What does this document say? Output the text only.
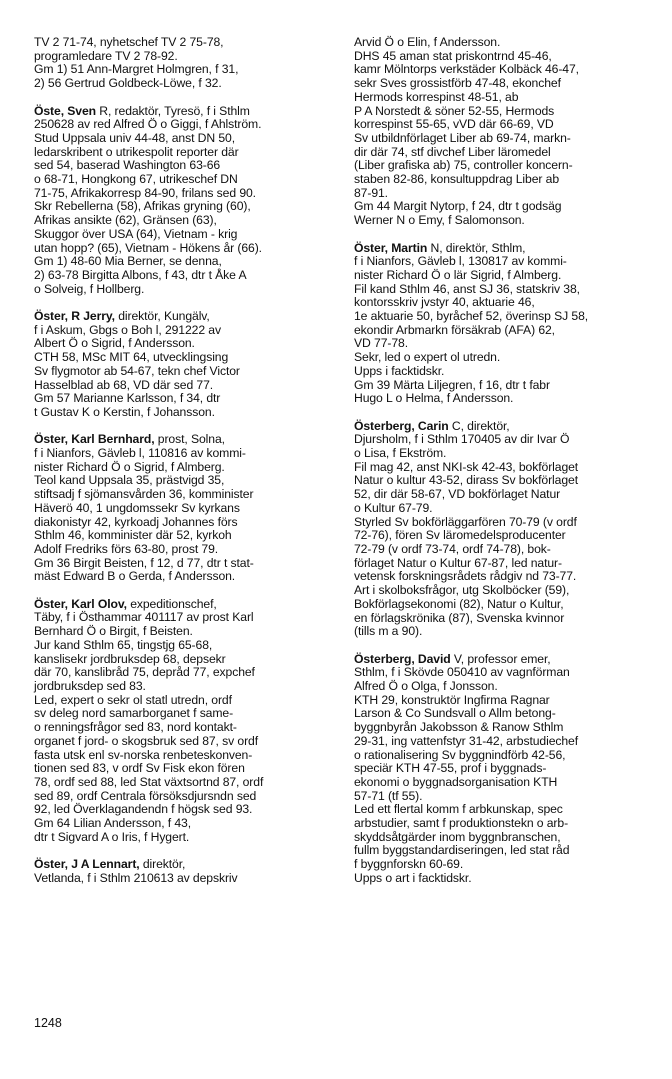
TV 2 71-74, nyhetschef TV 2 75-78,
programledare TV 2 78-92.
Gm 1) 51 Ann-Margret Holmgren, f 31,
2) 56 Gertrud Goldbeck-Löwe, f 32.
Öste, Sven R, redaktör, Tyresö, f i Sthlm
250628 av red Alfred Ö o Giggi, f Ahlström.
Stud Uppsala univ 44-48, anst DN 50,
ledarskribent o utrikespolit reporter där
sed 54, baserad Washington 63-66
o 68-71, Hongkong 67, utrikeschef DN
71-75, Afrikakorresp 84-90, frilans sed 90.
Skr Rebellerna (58), Afrikas gryning (60),
Afrikas ansikte (62), Gränsen (63),
Skuggor över USA (64), Vietnam - krig
utan hopp? (65), Vietnam - Hökens år (66).
Gm 1) 48-60 Mia Berner, se denna,
2) 63-78 Birgitta Albons, f 43, dtr t Åke A
o Solveig, f Hollberg.
Öster, R Jerry, direktör, Kungälv,
f i Askum, Gbgs o Boh l, 291222 av
Albert Ö o Sigrid, f Andersson.
CTH 58, MSc MIT 64, utvecklingsing
Sv flygmotor ab 54-67, tekn chef Victor
Hasselblad ab 68, VD där sed 77.
Gm 57 Marianne Karlsson, f 34, dtr
t Gustav K o Kerstin, f Johansson.
Öster, Karl Bernhard, prost, Solna,
f i Nianfors, Gävleb l, 110816 av kommi-
nister Richard Ö o Sigrid, f Almberg.
Teol kand Uppsala 35, prästvigd 35,
stiftsadj f sjömansvården 36, komminister
Häverö 40, 1 ungdomssekr Sv kyrkans
diakonistyr 42, kyrkoadj Johannes förs
Sthlm 46, komminister där 52, kyrkoh
Adolf Fredriks förs 63-80, prost 79.
Gm 36 Birgit Beisten, f 12, d 77, dtr t stat-
mäst Edward B o Gerda, f Andersson.
Öster, Karl Olov, expeditionschef,
Täby, f i Östhammar 401117 av prost Karl
Bernhard Ö o Birgit, f Beisten.
Jur kand Sthlm 65, tingstjg 65-68,
kanslisekr jordbruksdep 68, depsekr
där 70, kanslibråd 75, depråd 77, expchef
jordbruksdep sed 83.
Led, expert o sekr ol statl utredn, ordf
sv deleg nord samarborganet f same-
o renningsfrågor sed 83, nord kontakt-
organet f jord- o skogsbruk sed 87, sv ordf
fasta utsk enl sv-norska renbeteskonven-
tionen sed 83, v ordf Sv Fisk ekon fören
78, ordf sed 88, led Stat växtsortnd 87, ordf
sed 89, ordf Centrala försöksdjursndn sed
92, led Överklagandendn f högsk sed 93.
Gm 64 Lilian Andersson, f 43,
dtr t Sigvard A o Iris, f Hygert.
Öster, J A Lennart, direktör,
Vetlanda, f i Sthlm 210613 av depskriv
Arvid Ö o Elin, f Andersson.
DHS 45 aman stat priskontrnd 45-46,
kamr Mölntorps verkstäder Kolbäck 46-47,
sekr Sves grossistförb 47-48, ekonchef
Hermods korrespinst 48-51, ab
P A Norstedt & söner 52-55, Hermods
korrespinst 55-65, vVD där 66-69, VD
Sv utbildnförlaget Liber ab 69-74, markn-
dir där 74, stf divchef Liber läromedel
(Liber grafiska ab) 75, controller koncern-
staben 82-86, konsultuppdrag Liber ab
87-91.
Gm 44 Margit Nytorp, f 24, dtr t godsäg
Werner N o Emy, f Salomonson.
Öster, Martin N, direktör, Sthlm,
f i Nianfors, Gävleb l, 130817 av kommi-
nister Richard Ö o lär Sigrid, f Almberg.
Fil kand Sthlm 46, anst SJ 36, statskriv 38,
kontorsskriv jvstyr 40, aktuarie 46,
1e aktuarie 50, byråchef 52, överinsp SJ 58,
ekondir Arbmarkn försäkrab (AFA) 62,
VD 77-78.
Sekr, led o expert ol utredn.
Upps i facktidskr.
Gm 39 Märta Liljegren, f 16, dtr t fabr
Hugo L o Helma, f Andersson.
Österberg, Carin C, direktör,
Djursholm, f i Sthlm 170405 av dir Ivar Ö
o Lisa, f Ekström.
Fil mag 42, anst NKI-sk 42-43, bokförlaget
Natur o kultur 43-52, dirass Sv bokförlaget
52, dir där 58-67, VD bokförlaget Natur
o Kultur 67-79.
Styrled Sv bokförläggarfören 70-79 (v ordf
72-76), fören Sv läromedelsproducenter
72-79 (v ordf 73-74, ordf 74-78), bok-
förlaget Natur o Kultur 67-87, led natur-
vetensk forskningsrådets rådgiv nd 73-77.
Art i skolboksfrågor, utg Skolböcker (59),
Bokförlagsekonomi (82), Natur o Kultur,
en förlagskrönika (87), Svenska kvinnor
(tills m a 90).
Österberg, David V, professor emer,
Sthlm, f i Skövde 050410 av vagnförman
Alfred Ö o Olga, f Jonsson.
KTH 29, konstruktör Ingfirma Ragnar
Larson & Co Sundsvall o Allm betong-
byggnbyrån Jakobsson & Ranow Sthlm
29-31, ing vattenfstyr 31-42, arbstudiechef
o rationalisering Sv byggnindförb 42-56,
speciär KTH 47-55, prof i byggnads-
ekonomi o byggnadsorganisation KTH
57-71 (tf 55).
Led ett flertal komm f arbkunskap, spec
arbstudier, samt f produktionstekn o arb-
skyddsåtgärder inom byggnbranschen,
fullm byggstandardiseringen, led stat råd
f byggnforskn 60-69.
Upps o art i facktidskr.
1248
